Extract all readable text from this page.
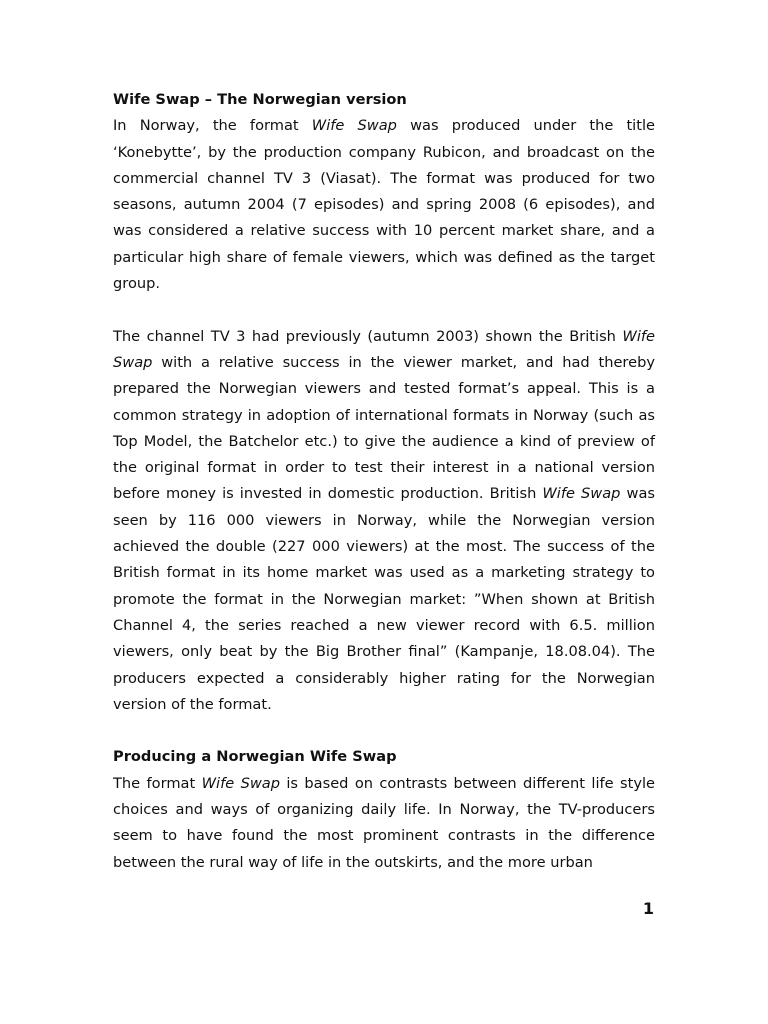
Wife Swap – The Norwegian version

In Norway, the format Wife Swap was produced under the title ‘Konebytte’, by the production company Rubicon, and broadcast on the commercial channel TV 3 (Viasat). The format was produced for two seasons, autumn 2004 (7 episodes) and spring 2008 (6 episodes), and was considered a relative success with 10 percent market share, and a particular high share of female viewers, which was defined as the target group.

The channel TV 3 had previously (autumn 2003) shown the British Wife Swap with a relative success in the viewer market, and had thereby prepared the Norwegian viewers and tested format’s appeal. This is a common strategy in adoption of international formats in Norway (such as Top Model, the Batchelor etc.) to give the audience a kind of preview of the original format in order to test their interest in a national version before money is invested in domestic production. British Wife Swap was seen by 116 000 viewers in Norway, while the Norwegian version achieved the double (227 000 viewers) at the most. The success of the British format in its home market was used as a marketing strategy to promote the format in the Norwegian market: ”When shown at British Channel 4, the series reached a new viewer record with 6.5. million viewers, only beat by the Big Brother final” (Kampanje, 18.08.04). The producers expected a considerably higher rating for the Norwegian version of the format.

Producing a Norwegian Wife Swap

The format Wife Swap is based on contrasts between different life style choices and ways of organizing daily life. In Norway, the TV-producers seem to have found the most prominent contrasts in the difference between the rural way of life in the outskirts, and the more urban

1
